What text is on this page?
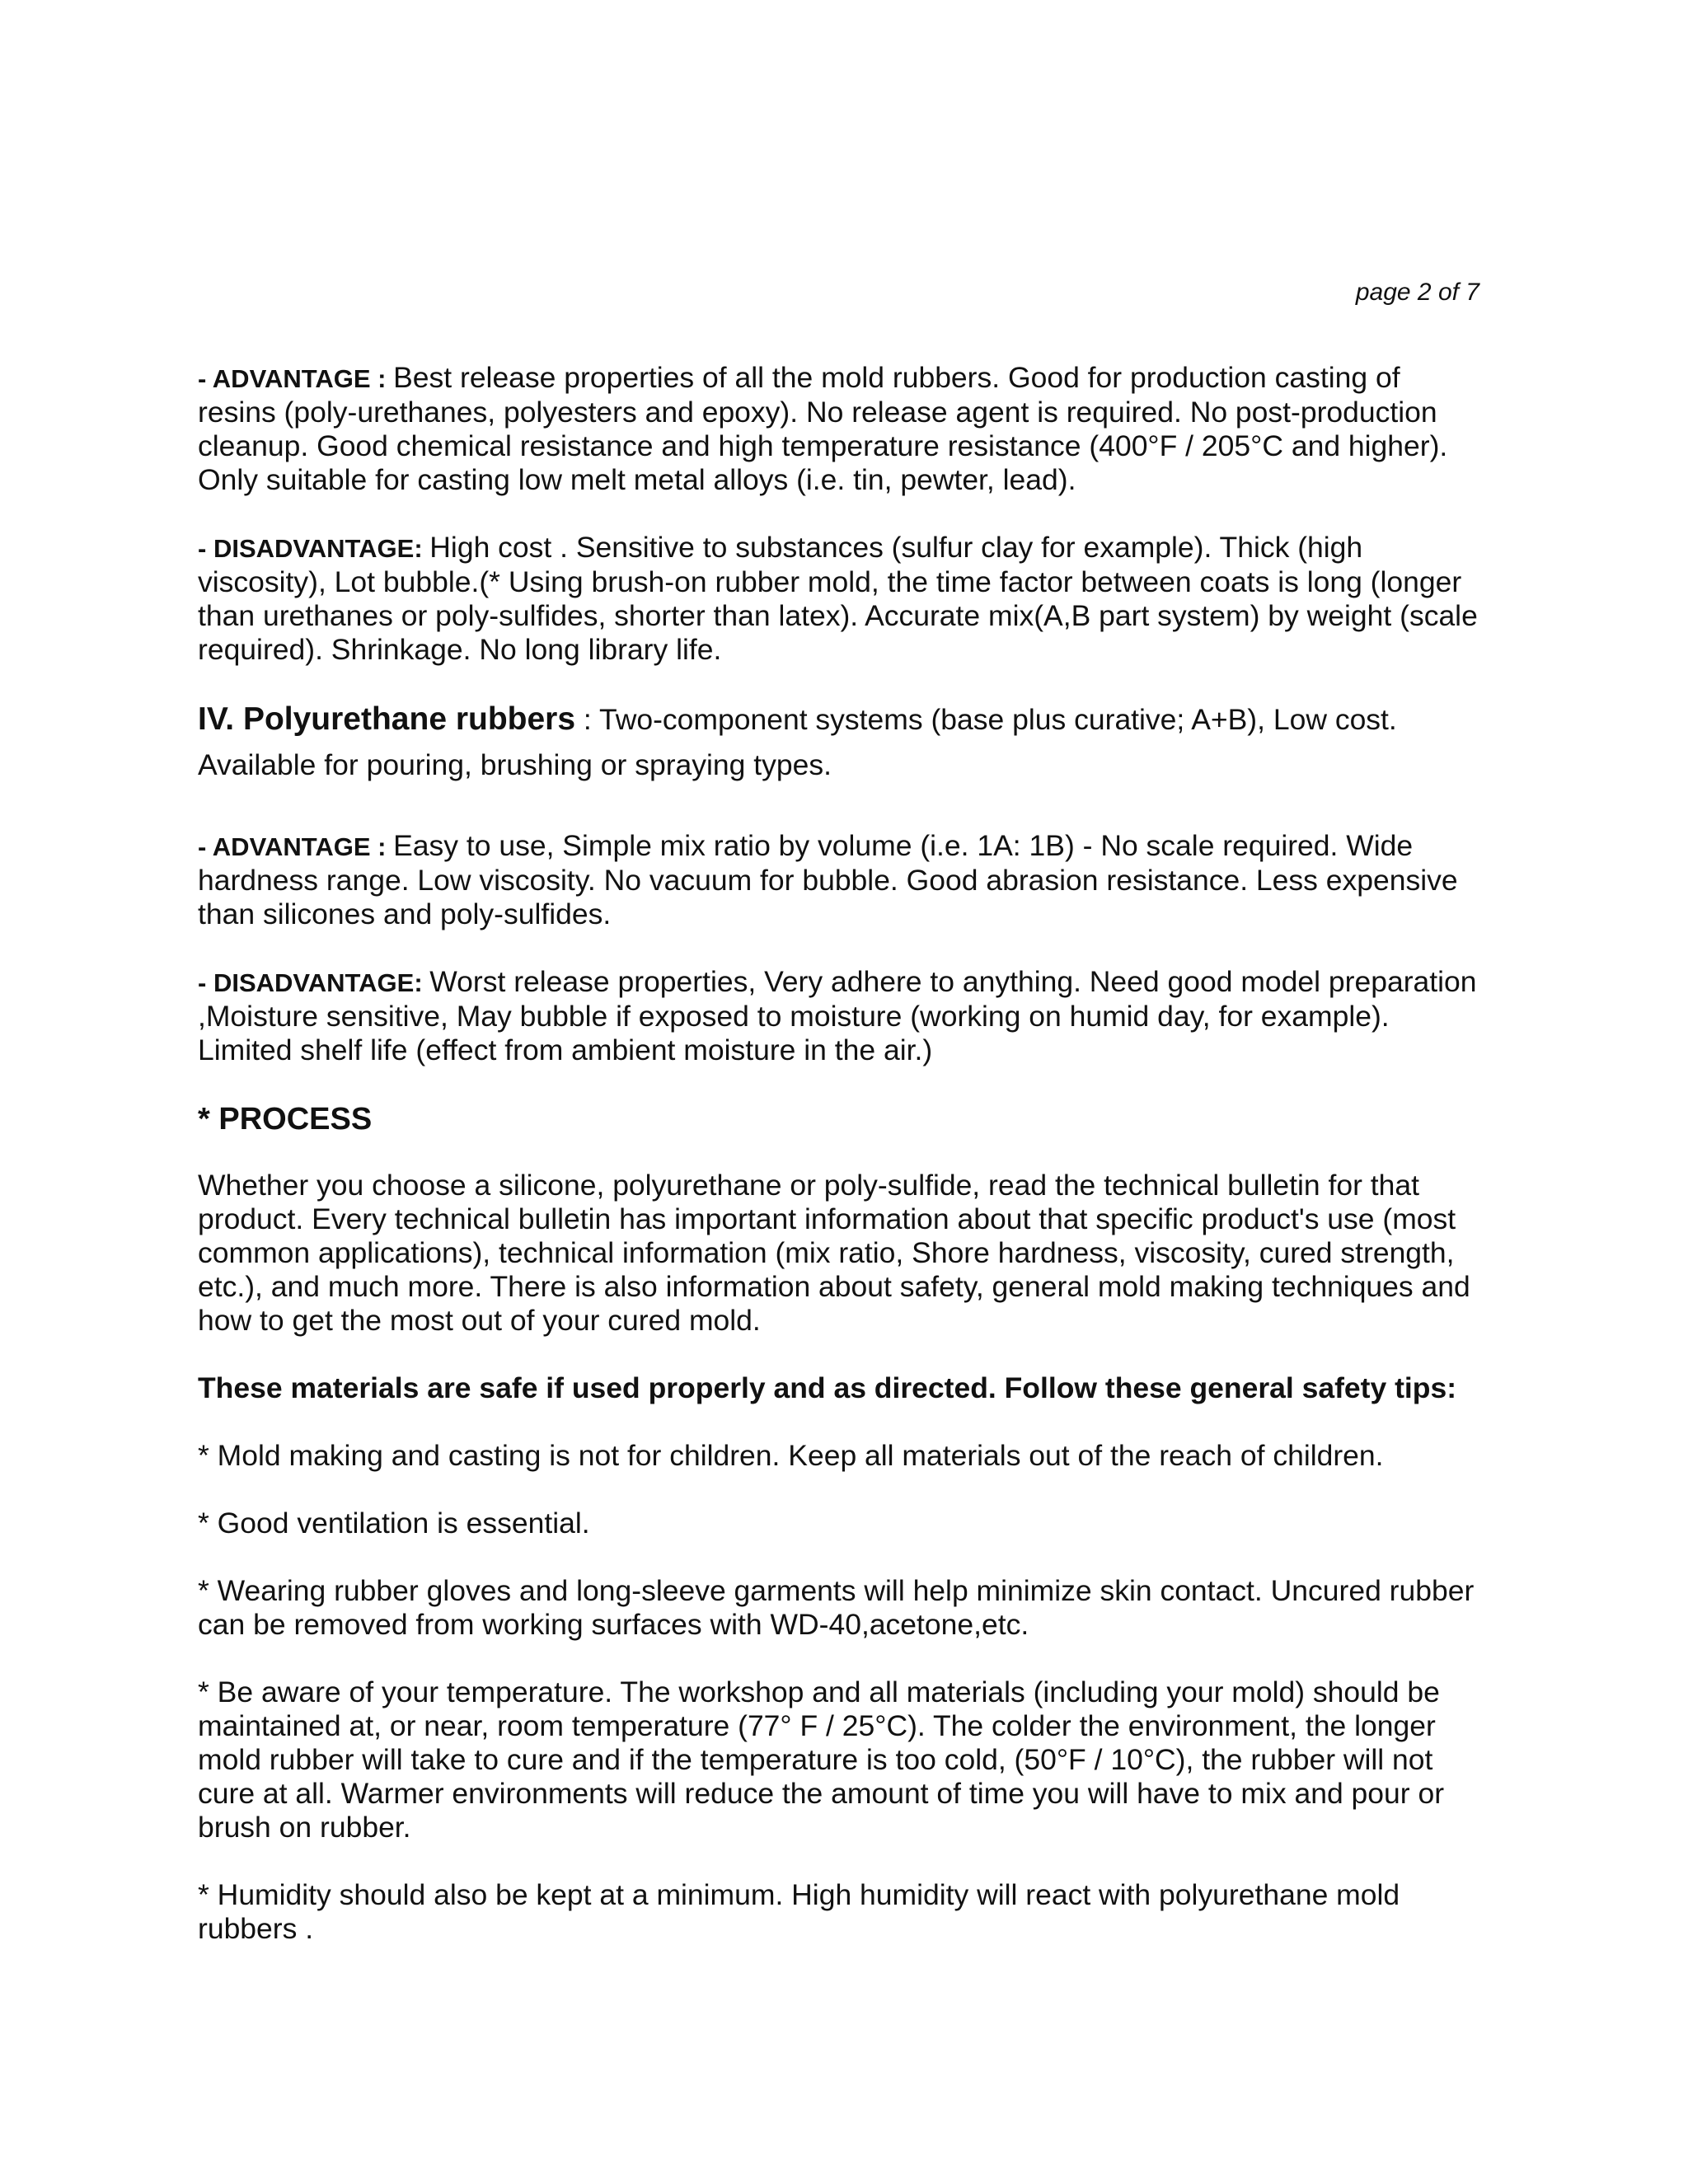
page 2 of 7

- ADVANTAGE : Best release properties of all the mold rubbers. Good for production casting of resins (poly-urethanes, polyesters and epoxy). No release agent is required. No post-production cleanup. Good chemical resistance and high temperature resistance (400°F / 205°C and higher). Only suitable for casting low melt metal alloys (i.e. tin, pewter, lead).

- DISADVANTAGE: High cost . Sensitive to substances (sulfur clay for example). Thick (high viscosity), Lot bubble.(* Using brush-on rubber mold, the time factor between coats is long (longer than urethanes or poly-sulfides, shorter than latex). Accurate mix(A,B part system) by weight (scale required). Shrinkage. No long library life.

IV. Polyurethane rubbers : Two-component systems (base plus curative; A+B), Low cost. Available for pouring, brushing or spraying types.

- ADVANTAGE : Easy to use, Simple mix ratio by volume (i.e. 1A: 1B) - No scale required. Wide hardness range. Low viscosity. No vacuum for bubble. Good abrasion resistance. Less expensive than silicones and poly-sulfides.

- DISADVANTAGE: Worst release properties, Very adhere to anything. Need good model preparation ,Moisture sensitive, May bubble if exposed to moisture (working on humid day, for example). Limited shelf life (effect from ambient moisture in the air.)

* PROCESS

Whether you choose a silicone, polyurethane or poly-sulfide, read the technical bulletin for that product. Every technical bulletin has important information about that specific product's use (most common applications), technical information (mix ratio, Shore hardness, viscosity, cured strength, etc.), and much more. There is also information about safety, general mold making techniques and how to get the most out of your cured mold.

These materials are safe if used properly and as directed. Follow these general safety tips:

* Mold making and casting is not for children. Keep all materials out of the reach of children.

* Good ventilation is essential.

* Wearing rubber gloves and long-sleeve garments will help minimize skin contact. Uncured rubber can be removed from working surfaces with WD-40,acetone,etc.

* Be aware of your temperature. The workshop and all materials (including your mold) should be maintained at, or near, room temperature (77° F / 25°C). The colder the environment, the longer mold rubber will take to cure and if the temperature is too cold, (50°F / 10°C), the rubber will not cure at all. Warmer environments will reduce the amount of time you will have to mix and pour or brush on rubber.

* Humidity should also be kept at a minimum. High humidity will react with polyurethane mold rubbers .
